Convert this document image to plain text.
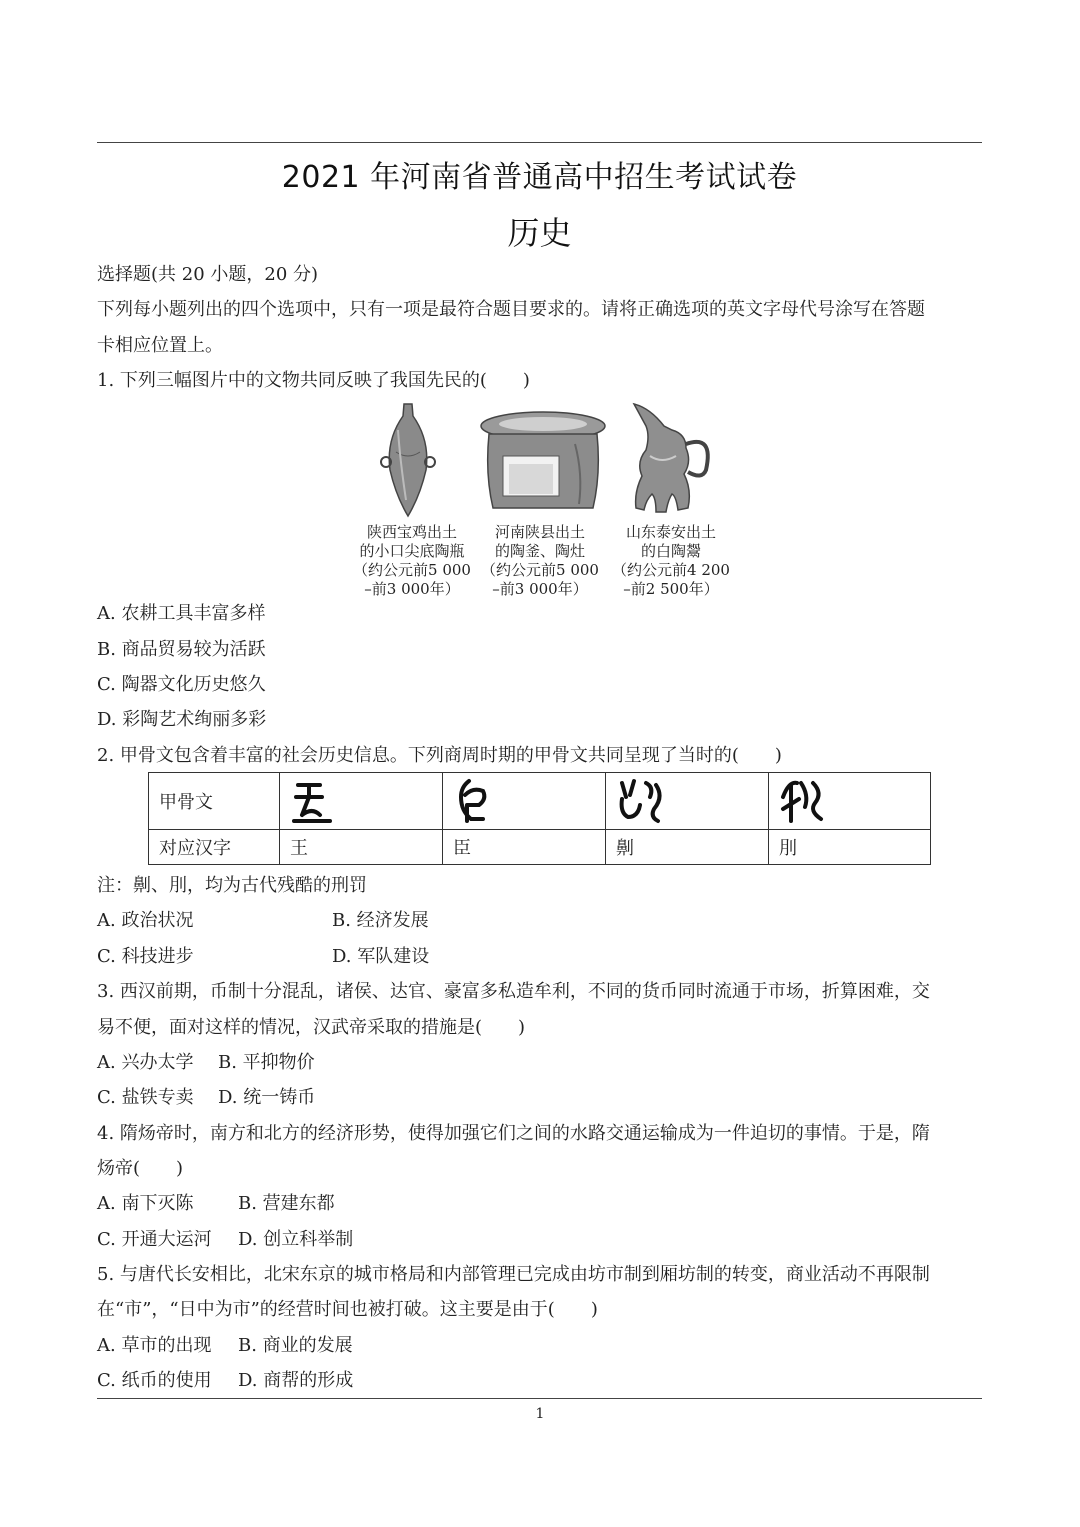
2021 年河南省普通高中招生考试试卷
历史
选择题(共 20 小题，20 分)
下列每小题列出的四个选项中，只有一项是最符合题目要求的。请将正确选项的英文字母代号涂写在答题
卡相应位置上。
1. 下列三幅图片中的文物共同反映了我国先民的(　　)
陕西宝鸡出土
的小口尖底陶瓶
（约公元前5 000
–前3 000年）
河南陕县出土
的陶釜、陶灶
（约公元前5 000
–前3 000年）
山东泰安出土
的白陶鬶
（约公元前4 200
–前2 500年）
A. 农耕工具丰富多样
B. 商品贸易较为活跃
C. 陶器文化历史悠久
D. 彩陶艺术绚丽多彩
2. 甲骨文包含着丰富的社会历史信息。下列商周时期的甲骨文共同呈现了当时的(　　)
甲骨文	

对应汉字	王	臣	劓	刖
注：劓、刖，均为古代残酷的刑罚
A. 政治状况	B. 经济发展
C. 科技进步	D. 军队建设
3. 西汉前期，币制十分混乱，诸侯、达官、豪富多私造牟利，不同的货币同时流通于市场，折算困难，交
易不便，面对这样的情况，汉武帝采取的措施是(　　)
A. 兴办太学 B. 平抑物价
C. 盐铁专卖 D. 统一铸币
4. 隋炀帝时，南方和北方的经济形势，使得加强它们之间的水路交通运输成为一件迫切的事情。于是，隋
炀帝(　　)
A. 南下灭陈 B. 营建东都
C. 开通大运河 D. 创立科举制
5. 与唐代长安相比，北宋东京的城市格局和内部管理已完成由坊市制到厢坊制的转变，商业活动不再限制
在“市”，“日中为市”的经营时间也被打破。这主要是由于(　　)
A. 草市的出现 B. 商业的发展
C. 纸币的使用 D. 商帮的形成
1
